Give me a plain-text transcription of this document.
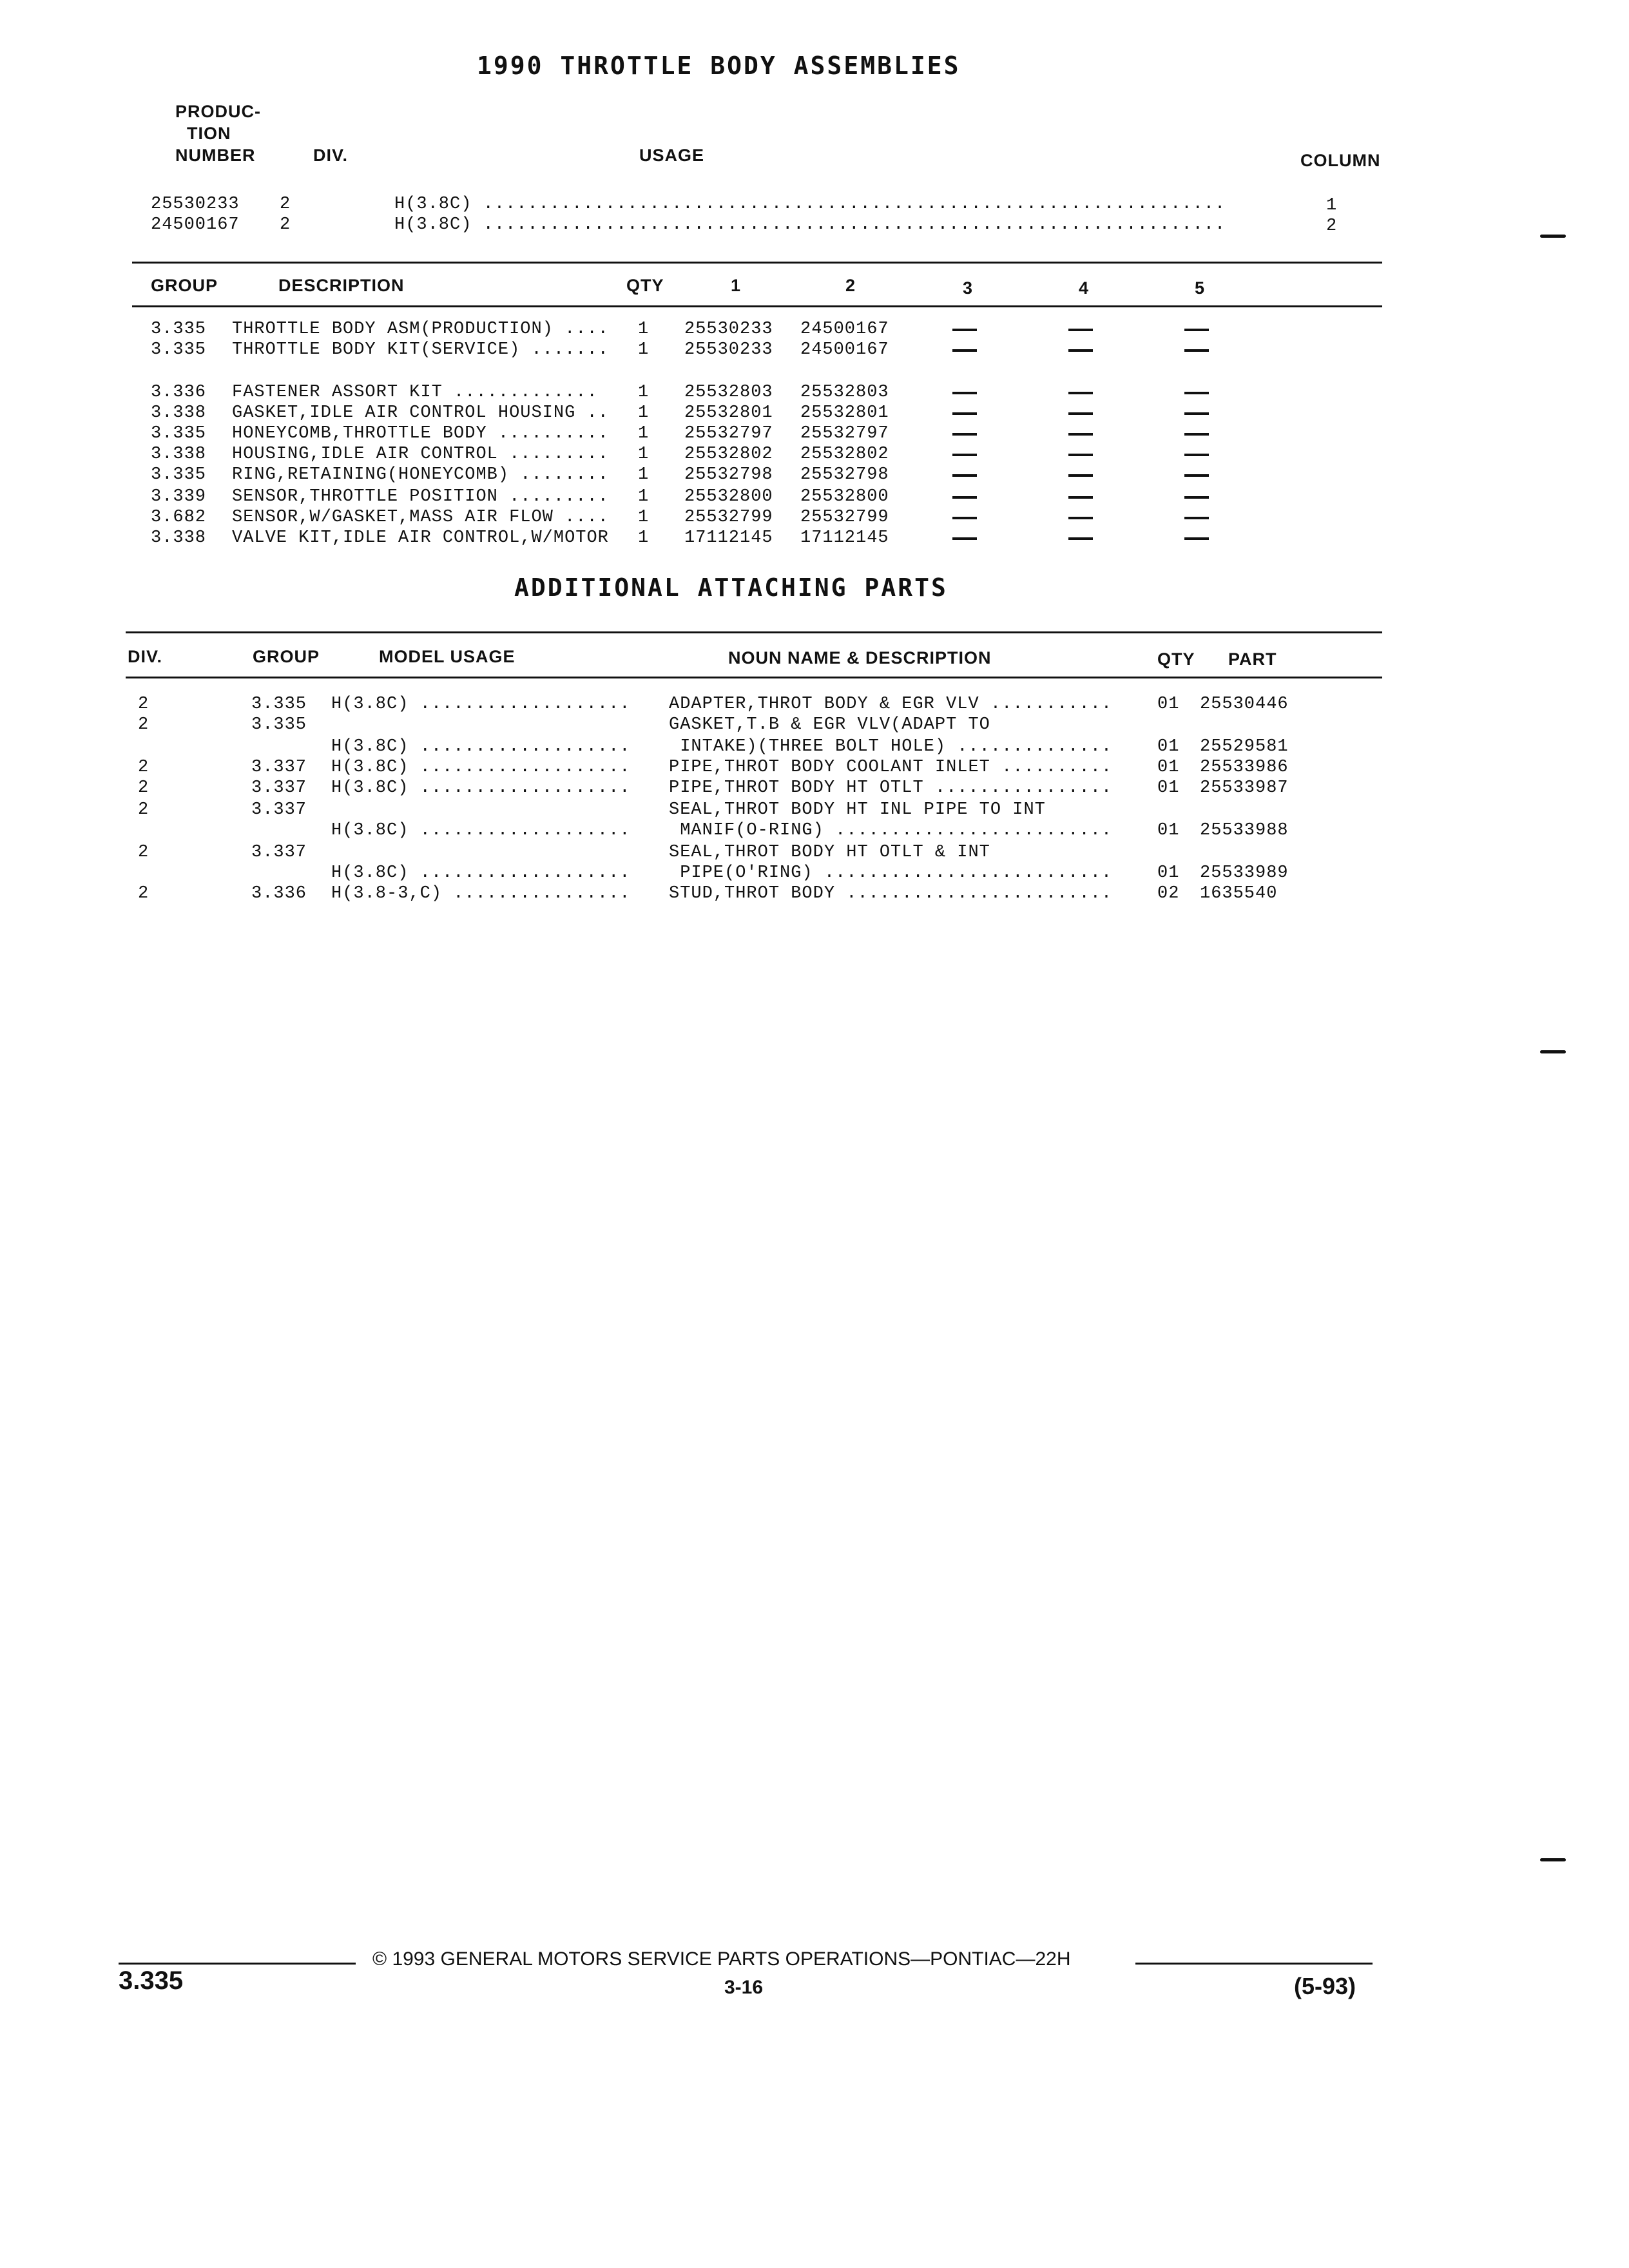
1990 THROTTLE BODY ASSEMBLIES
PRODUC-
TION
NUMBER	DIV.	USAGE	COLUMN
25530233 2	H(3.8C) ...................................................................	1
24500167 2	H(3.8C) ...................................................................	2
GROUP	DESCRIPTION	QTY	1	2	3	4	5
3.335 THROTTLE BODY ASM(PRODUCTION) .... 1 25530233 24500167
3.335 THROTTLE BODY KIT(SERVICE) ....... 1 25530233 24500167
3.336 FASTENER ASSORT KIT ............. 1 25532803 25532803
3.338 GASKET,IDLE AIR CONTROL HOUSING .. 1 25532801 25532801
3.335 HONEYCOMB,THROTTLE BODY .......... 1 25532797 25532797
3.338 HOUSING,IDLE AIR CONTROL ......... 1 25532802 25532802
3.335 RING,RETAINING(HONEYCOMB) ........ 1 25532798 25532798
3.339 SENSOR,THROTTLE POSITION ......... 1 25532800 25532800
3.682 SENSOR,W/GASKET,MASS AIR FLOW .... 1 25532799 25532799
3.338 VALVE KIT,IDLE AIR CONTROL,W/MOTOR 1 17112145 17112145
ADDITIONAL ATTACHING PARTS
DIV.	GROUP	MODEL USAGE	NOUN NAME & DESCRIPTION	QTY PART
2	3.335 H(3.8C) ................... ADAPTER,THROT BODY & EGR VLV ...........	01 25530446
2	3.335	GASKET,T.B & EGR VLV(ADAPT TO
H(3.8C) ................... INTAKE)(THREE BOLT HOLE) ..............	01 25529581
2	3.337 H(3.8C) ................... PIPE,THROT BODY COOLANT INLET ..........	01 25533986
2	3.337 H(3.8C) ................... PIPE,THROT BODY HT OTLT ................	01 25533987
2	3.337	SEAL,THROT BODY HT INL PIPE TO INT
H(3.8C) ................... MANIF(O-RING) .........................	01 25533988
2	3.337	SEAL,THROT BODY HT OTLT & INT
H(3.8C) ................... PIPE(O'RING) ..........................	01 25533989
2	3.336 H(3.8-3,C) ................ STUD,THROT BODY ........................	02 1635540
© 1993 GENERAL MOTORS SERVICE PARTS OPERATIONS—PONTIAC—22H
3.335	3-16	(5-93)
